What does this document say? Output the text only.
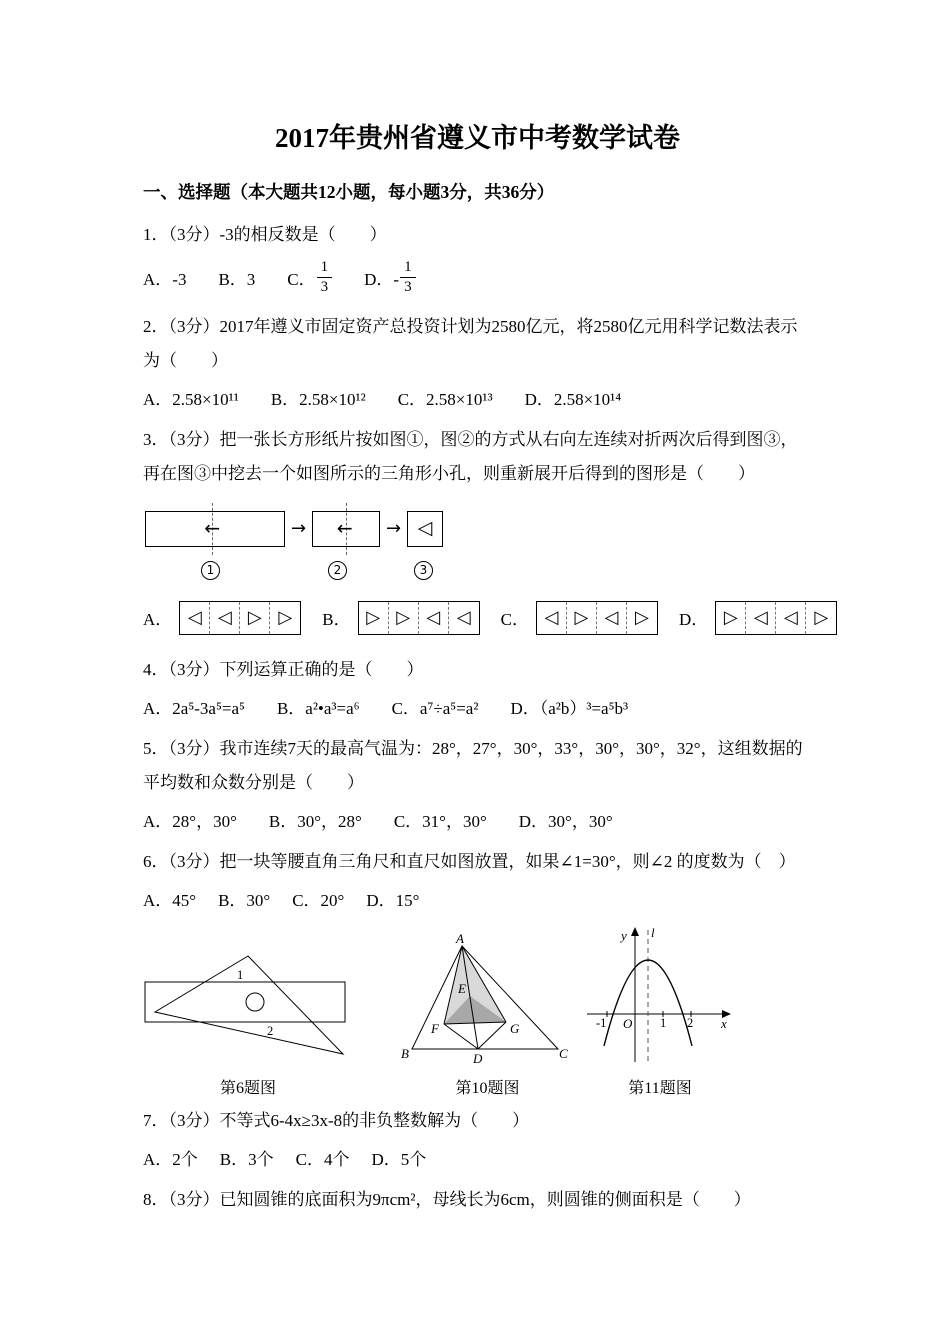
2017年贵州省遵义市中考数学试卷
一、选择题（本大题共12小题，每小题3分，共36分）

1．（3分）-3的相反数是（　　）

A．-3 B．3 C． $\frac{1}{3}$ D．- $\frac{1}{3}$

2．（3分）2017年遵义市固定资产总投资计划为2580亿元，将2580亿元用科学记数法表示为（　　）

A．2.58×10¹¹ B．2.58×10¹² C．2.58×10¹³ D．2.58×10¹⁴

3．（3分）把一张长方形纸片按如图①，图②的方式从右向左连续对折两次后得到图③，再在图③中挖去一个如图所示的三角形小孔，则重新展开后得到的图形是（　　）

←	→	←	→ ◁
1	2	3
A． ◁ ◁ ▷ ▷	B． ▷ ▷ ◁ ◁	C． ◁ ▷ ◁ ▷	D． ▷ ◁ ◁ ▷

4．（3分）下列运算正确的是（　　）

A．2a⁵-3a⁵=a⁵ B．a²•a³=a⁶ C．a⁷÷a⁵=a² D．（a²b）³=a⁵b³

5．（3分）我市连续7天的最高气温为：28°，27°，30°，33°，30°，30°，32°，这组数据的平均数和众数分别是（　　）

A．28°，30° B．30°，28° C．31°，30° D．30°，30°

6．（3分）把一块等腰直角三角尺和直尺如图放置，如果∠1=30°，则∠2 的度数为（　）

A．45° B．30° C．20° D．15°
1
2
第6题图
A
B	C
D
E
F	G
第10题图
y l
x
O
-1	1 2
第11题图

7．（3分）不等式6-4x≥3x-8的非负整数解为（　　）

A．2个 B．3个 C．4个 D．5个

8．（3分）已知圆锥的底面积为9πcm²，母线长为6cm，则圆锥的侧面积是（　　）
